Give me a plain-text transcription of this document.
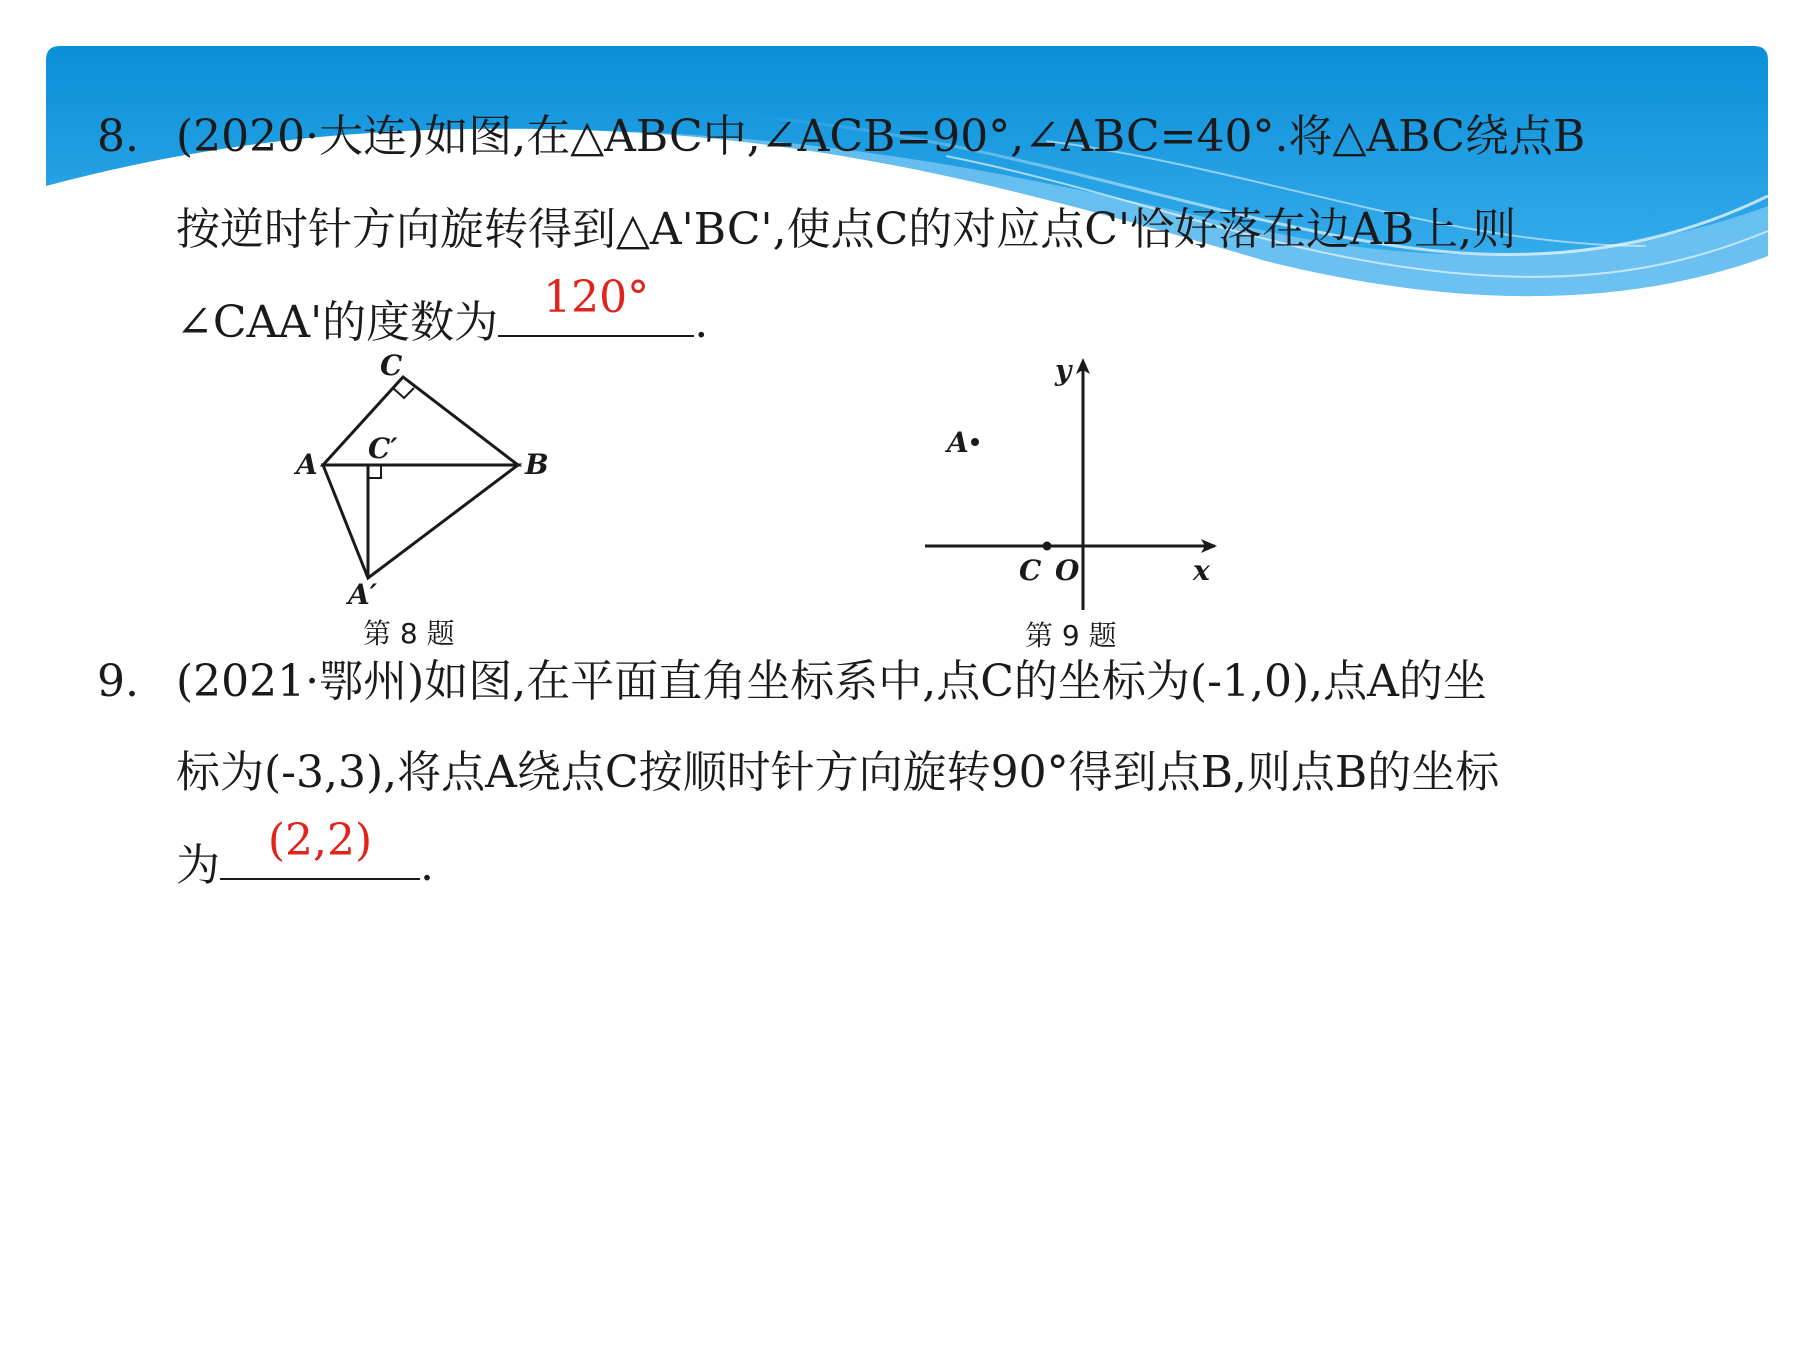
8. (2020·大连)如图,在△ABC中,∠ACB=90°,∠ABC=40°.将△ABC绕点B
按逆时针方向旋转得到△A'BC',使点C的对应点C'恰好落在边AB上,则
∠CAA'的度数为	120°	.
C
A	B
C′
A′
第 8 题
y
A
C O	x
第 9 题
9. (2021·鄂州)如图,在平面直角坐标系中,点C的坐标为(-1,0),点A的坐
标为(-3,3),将点A绕点C按顺时针方向旋转90°得到点B,则点B的坐标
为	(2,2)	.
